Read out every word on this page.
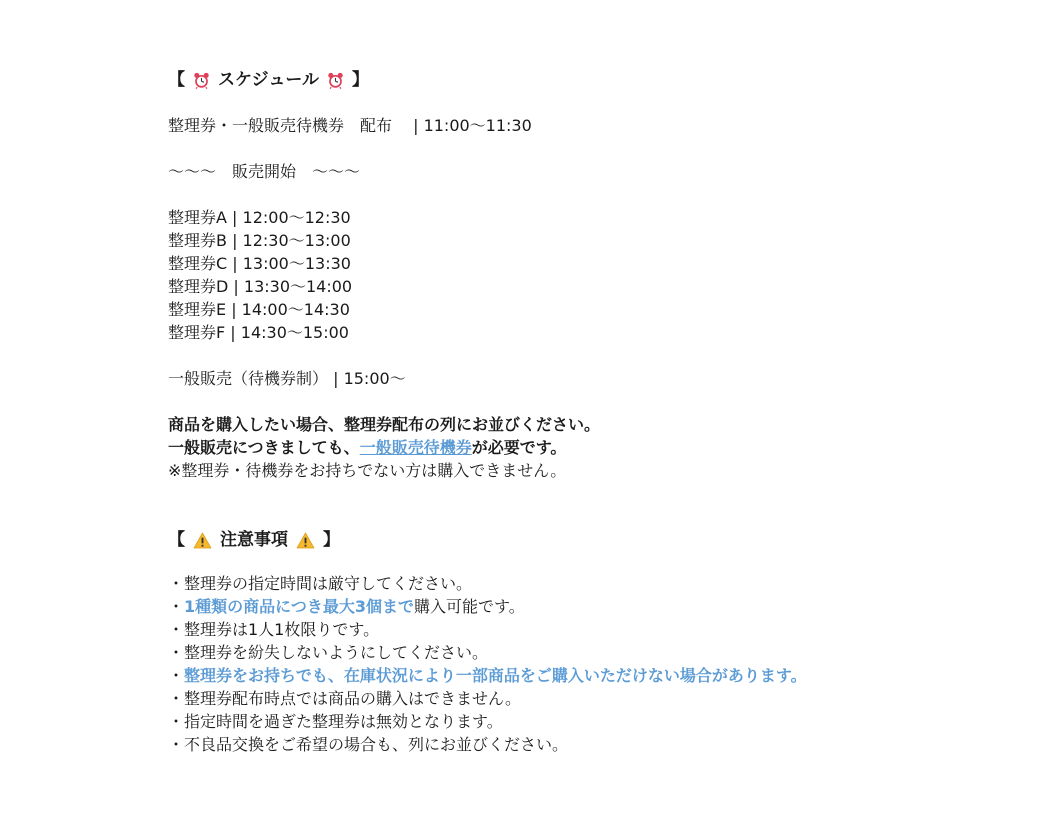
【 スケジュール 】
整理券・一般販売待機券　配布　 | 11:00〜11:30
〜〜〜　販売開始　〜〜〜
整理券A | 12:00〜12:30
整理券B | 12:30〜13:00
整理券C | 13:00〜13:30
整理券D | 13:30〜14:00
整理券E | 14:00〜14:30
整理券F | 14:30〜15:00
一般販売（待機券制） | 15:00〜
商品を購入したい場合、整理券配布の列にお並びください。
一般販売につきましても、一般販売待機券が必要です。
※整理券・待機券をお持ちでない方は購入できません。
【 注意事項 】
・整理券の指定時間は厳守してください。
・1種類の商品につき最大3個まで購入可能です。
・整理券は1人1枚限りです。
・整理券を紛失しないようにしてください。
・整理券をお持ちでも、在庫状況により一部商品をご購入いただけない場合があります。
・整理券配布時点では商品の購入はできません。
・指定時間を過ぎた整理券は無効となります。
・不良品交換をご希望の場合も、列にお並びください。
